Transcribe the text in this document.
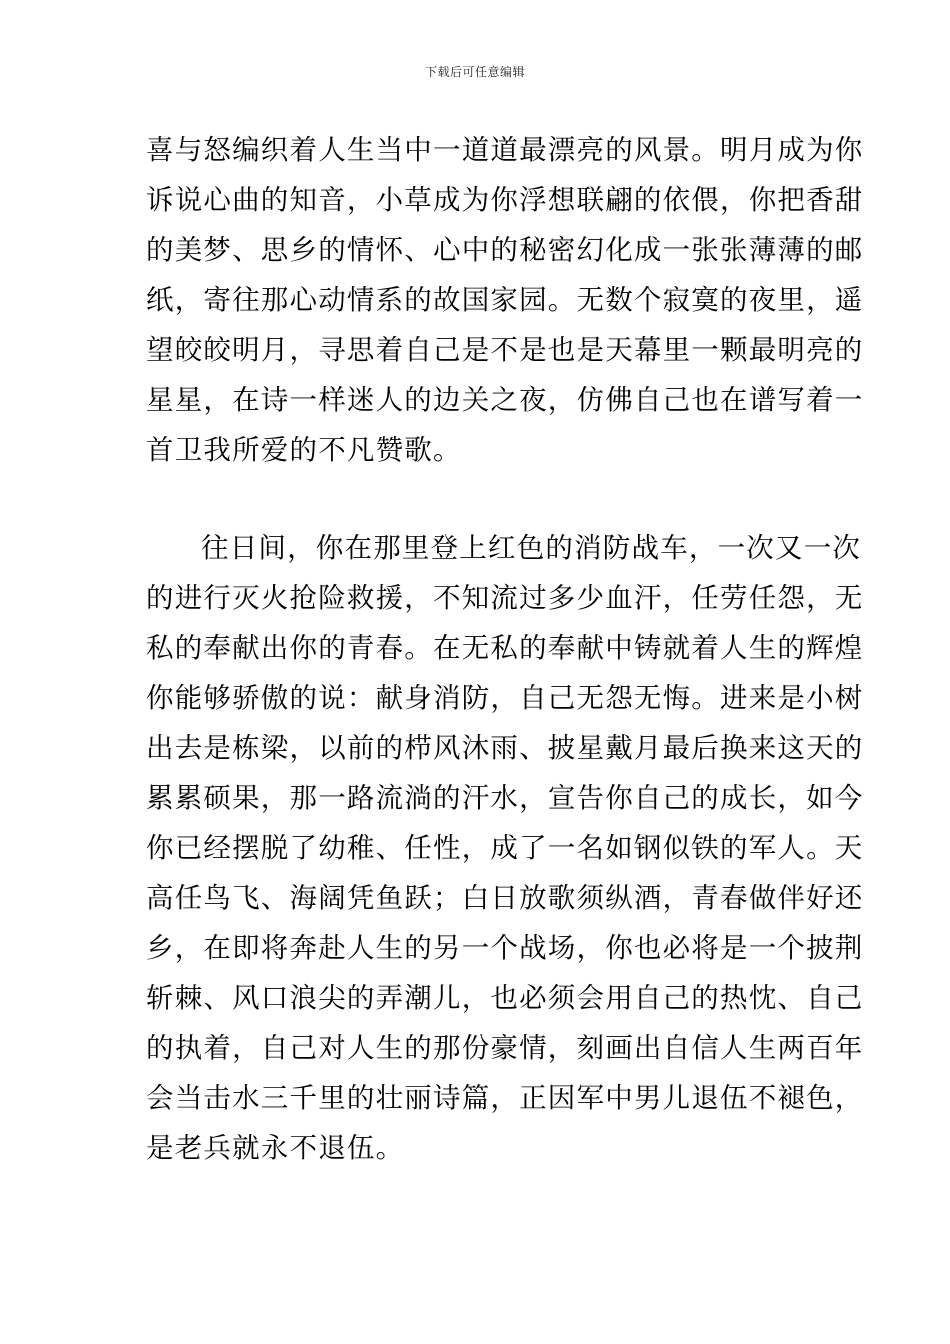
下载后可任意编辑
喜与怒编织着人生当中一道道最漂亮的风景。明月成为你
诉说心曲的知音，小草成为你浮想联翩的依偎，你把香甜
的美梦、思乡的情怀、心中的秘密幻化成一张张薄薄的邮
纸，寄往那心动情系的故国家园。无数个寂寞的夜里，遥
望皎皎明月，寻思着自己是不是也是天幕里一颗最明亮的
星星，在诗一样迷人的边关之夜，仿佛自己也在谱写着一
首卫我所爱的不凡赞歌。
往日间，你在那里登上红色的消防战车，一次又一次
的进行灭火抢险救援，不知流过多少血汗，任劳任怨，无
私的奉献出你的青春。在无私的奉献中铸就着人生的辉煌
你能够骄傲的说：献身消防，自己无怨无悔。进来是小树
出去是栋梁，以前的栉风沐雨、披星戴月最后换来这天的
累累硕果，那一路流淌的汗水，宣告你自己的成长，如今
你已经摆脱了幼稚、任性，成了一名如钢似铁的军人。天
高任鸟飞、海阔凭鱼跃；白日放歌须纵酒，青春做伴好还
乡，在即将奔赴人生的另一个战场，你也必将是一个披荆
斩棘、风口浪尖的弄潮儿，也必须会用自己的热忱、自己
的执着，自己对人生的那份豪情，刻画出自信人生两百年
会当击水三千里的壮丽诗篇，正因军中男儿退伍不褪色，
是老兵就永不退伍。
